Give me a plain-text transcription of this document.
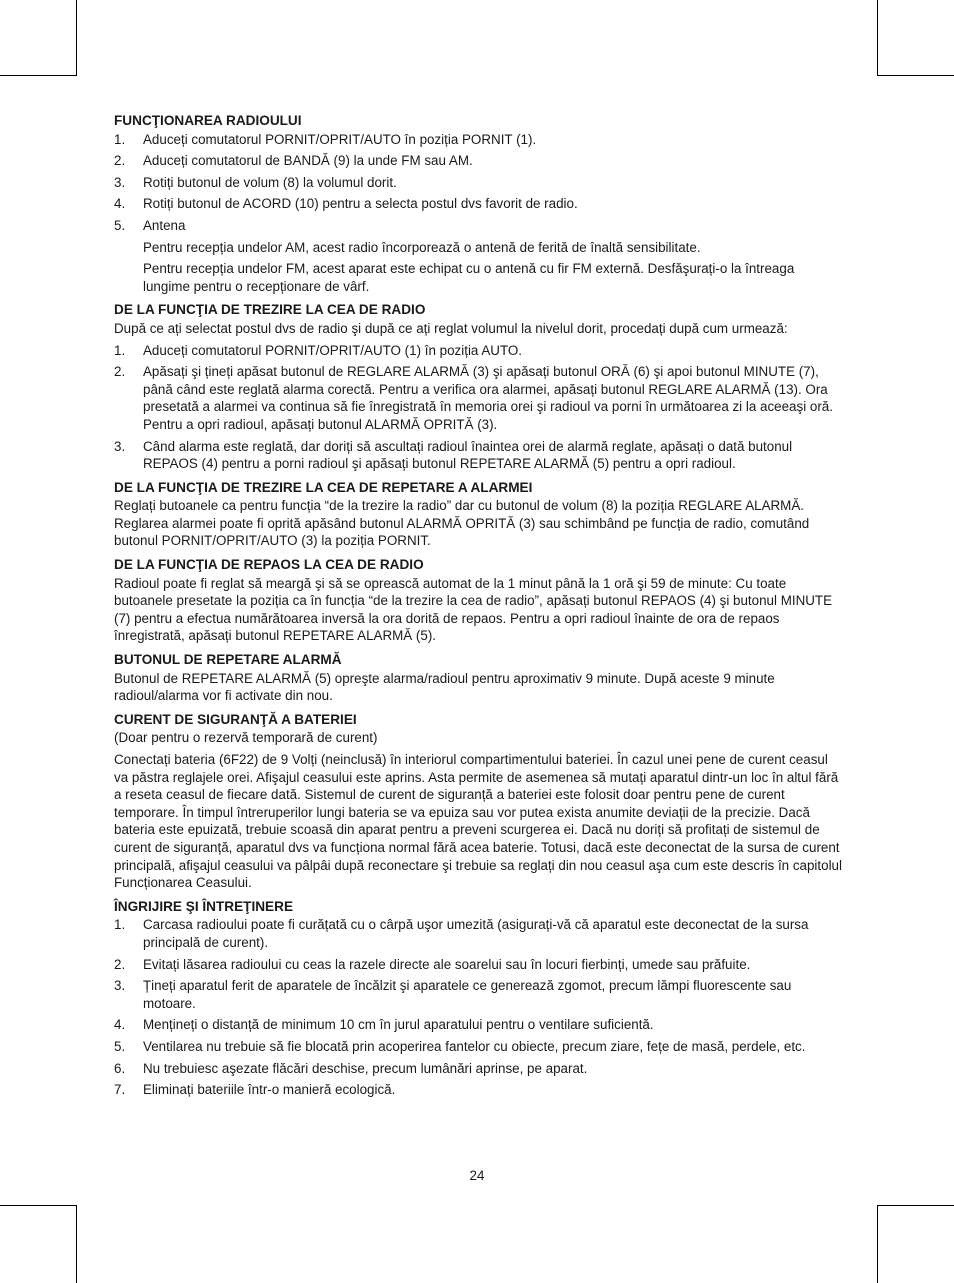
FUNCŢIONAREA RADIOULUI
1. Aduceți comutatorul PORNIT/OPRIT/AUTO în poziția PORNIT (1).
2. Aduceți comutatorul de BANDĂ (9) la unde FM sau AM.
3. Rotiți butonul de volum (8) la volumul dorit.
4. Rotiți butonul de ACORD (10) pentru a selecta postul dvs favorit de radio.
5. Antena

Pentru recepția undelor AM, acest radio încorporează o antenă de ferită de înaltă sensibilitate.

Pentru recepția undelor FM, acest aparat este echipat cu o antenă cu fir FM externă. Desfăşurați-o la întreaga lungime pentru o recepționare de vârf.

DE LA FUNCŢIA DE TREZIRE LA CEA DE RADIO

După ce ați selectat postul dvs de radio şi după ce ați reglat volumul la nivelul dorit, procedați după cum urmează:

1. Aduceți comutatorul PORNIT/OPRIT/AUTO (1) în poziția AUTO.
2. Apăsați şi țineți apăsat butonul de REGLARE ALARMĂ (3) şi apăsați butonul ORĂ (6) şi apoi butonul MINUTE (7), până când este reglată alarma corectă. Pentru a verifica ora alarmei, apăsați butonul REGLARE ALARMĂ (13). Ora presetată a alarmei va continua să fie înregistrată în memoria orei şi radioul va porni în următoarea zi la aceeaşi oră. Pentru a opri radioul, apăsați butonul ALARMĂ OPRITĂ (3).
3. Când alarma este reglată, dar doriți să ascultați radioul înaintea orei de alarmă reglate, apăsați o dată butonul REPAOS (4) pentru a porni radioul şi apăsați butonul REPETARE ALARMĂ (5) pentru a opri radioul.
DE LA FUNCŢIA DE TREZIRE LA CEA DE REPETARE A ALARMEI

Reglați butoanele ca pentru funcția “de la trezire la radio” dar cu butonul de volum (8) la poziția REGLARE ALARMĂ. Reglarea alarmei poate fi oprită apăsând butonul ALARMĂ OPRITĂ (3) sau schimbând pe funcția de radio, comutând butonul PORNIT/OPRIT/AUTO (3) la poziția PORNIT.

DE LA FUNCŢIA DE REPAOS LA CEA DE RADIO

Radioul poate fi reglat să meargă şi să se oprească automat de la 1 minut până la 1 oră şi 59 de minute: Cu toate butoanele presetate la poziția ca în funcția “de la trezire la cea de radio”, apăsați butonul REPAOS (4) şi butonul MINUTE (7) pentru a efectua numărătoarea inversă la ora dorită de repaos. Pentru a opri radioul înainte de ora de repaos înregistrată, apăsați butonul REPETARE ALARMĂ (5).

BUTONUL DE REPETARE ALARMĂ

Butonul de REPETARE ALARMĂ (5) opreşte alarma/radioul pentru aproximativ 9 minute. După aceste 9 minute radioul/alarma vor fi activate din nou.

CURENT DE SIGURANŢĂ A BATERIEI

(Doar pentru o rezervă temporară de curent)

Conectați bateria (6F22) de 9 Volți (neinclusă) în interiorul compartimentului bateriei. În cazul unei pene de curent ceasul va păstra reglajele orei. Afişajul ceasului este aprins. Asta permite de asemenea să mutați aparatul dintr-un loc în altul fără a reseta ceasul de fiecare dată. Sistemul de curent de siguranță a bateriei este folosit doar pentru pene de curent temporare. În timpul întreruperilor lungi bateria se va epuiza sau vor putea exista anumite deviații de la precizie. Dacă bateria este epuizată, trebuie scoasă din aparat pentru a preveni scurgerea ei. Dacă nu doriți să profitați de sistemul de curent de siguranță, aparatul dvs va funcționa normal fără acea baterie. Totusi, dacă este deconectat de la sursa de curent principală, afişajul ceasului va pâlpâi după reconectare şi trebuie sa reglați din nou ceasul aşa cum este descris în capitolul Funcționarea Ceasului.

ÎNGRIJIRE ŞI ÎNTREŢINERE
1. Carcasa radioului poate fi curățată cu o cârpă uşor umezită (asigurați-vă că aparatul este deconectat de la sursa principală de curent).
2. Evitați lăsarea radioului cu ceas la razele directe ale soarelui sau în locuri fierbinți, umede sau prăfuite.
3. Țineți aparatul ferit de aparatele de încălzit şi aparatele ce generează zgomot, precum lămpi fluorescente sau motoare.
4. Mențineți o distanță de minimum 10 cm în jurul aparatului pentru o ventilare suficientă.
5. Ventilarea nu trebuie să fie blocată prin acoperirea fantelor cu obiecte, precum ziare, fețe de masă, perdele, etc.
6. Nu trebuiesc aşezate flăcări deschise, precum lumânări aprinse, pe aparat.
7. Eliminați bateriile într-o manieră ecologică.
24
